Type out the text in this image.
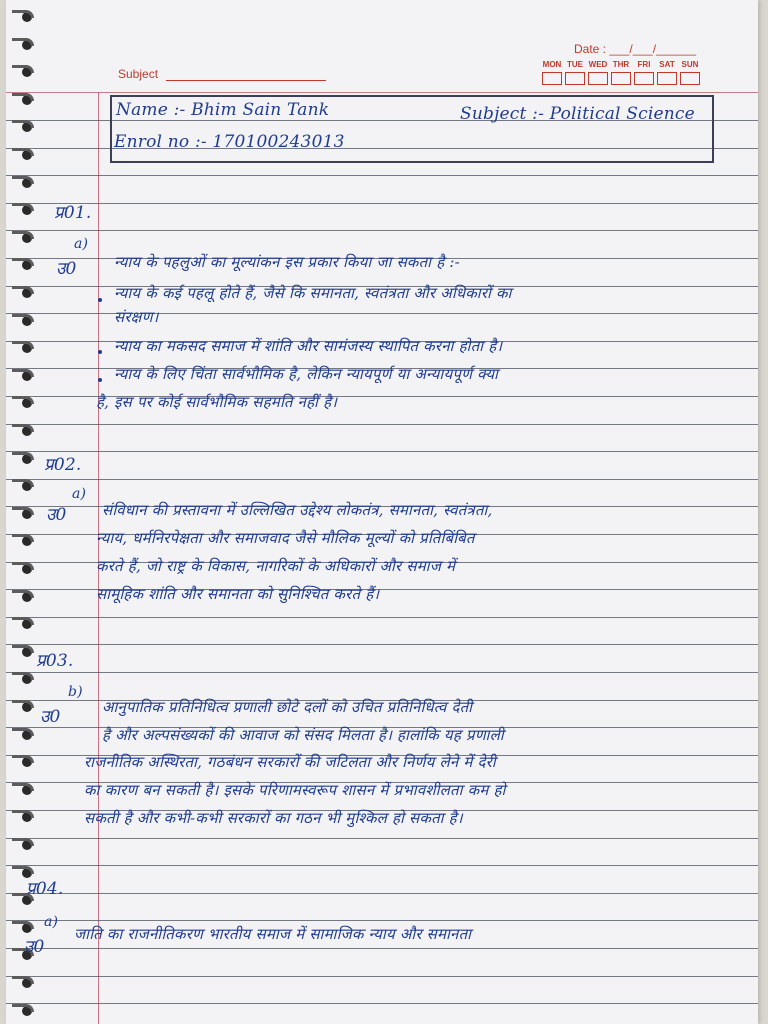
Date : ___/___/______
MON TUE WED THR	FRI	SAT SUN
Subject
Name :- Bhim Sain Tank	Subject :- Political Science
Enrol no :- 170100243013
प्र01.
a)
उ0 न्याय के पहलुओं का मूल्यांकन इस प्रकार किया जा सकता है :-
न्याय के कई पहलू होते हैं, जैसे कि समानता, स्वतंत्रता और अधिकारों का
संरक्षण।
न्याय का मकसद समाज में शांति और सामंजस्य स्थापित करना होता है।
न्याय के लिए चिंता सार्वभौमिक है, लेकिन न्यायपूर्ण या अन्यायपूर्ण क्या
है, इस पर कोई सार्वभौमिक सहमति नहीं है।
प्र02.
a)
उ0 संविधान की प्रस्तावना में उल्लिखित उद्देश्य लोकतंत्र, समानता, स्वतंत्रता,
न्याय, धर्मनिरपेक्षता और समाजवाद जैसे मौलिक मूल्यों को प्रतिबिंबित
करते हैं, जो राष्ट्र के विकास, नागरिकों के अधिकारों और समाज में
सामूहिक शांति और समानता को सुनिश्चित करते हैं।
प्र03.
b)
उ0	आनुपातिक प्रतिनिधित्व प्रणाली छोटे दलों को उचित प्रतिनिधित्व देती
है और अल्पसंख्यकों की आवाज को संसद मिलता है। हालांकि यह प्रणाली
राजनीतिक अस्थिरता, गठबंधन सरकारों की जटिलता और निर्णय लेने में देरी
का कारण बन सकती है। इसके परिणामस्वरूप शासन में प्रभावशीलता कम हो
सकती है और कभी-कभी सरकारों का गठन भी मुश्किल हो सकता है।
प्र04.
a)
उ0
जाति का राजनीतिकरण भारतीय समाज में सामाजिक न्याय और समानता
